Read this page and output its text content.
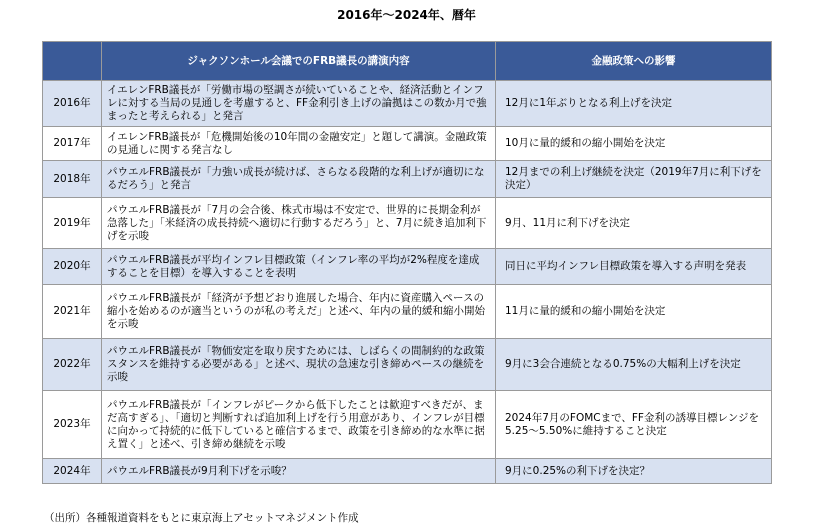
2016年～2024年、暦年
	ジャクソンホール会議でのFRB議長の講演内容	金融政策への影響
2016年	イエレンFRB議長が「労働市場の堅調さが続いていることや、経済活動とインフレに対する当局の見通しを考慮すると、FF金利引き上げの論拠はこの数か月で強まったと考えられる」と発言	12月に1年ぶりとなる利上げを決定
2017年	イエレンFRB議長が「危機開始後の10年間の金融安定」と題して講演。金融政策の見通しに関する発言なし	10月に量的緩和の縮小開始を決定
2018年	パウエルFRB議長が「力強い成長が続けば、さらなる段階的な利上げが適切になるだろう」と発言	12月までの利上げ継続を決定（2019年7月に利下げを決定）
2019年	パウエルFRB議長が「7月の会合後、株式市場は不安定で、世界的に長期金利が急落した」「米経済の成長持続へ適切に行動するだろう」と、7月に続き追加利下げを示唆	9月、11月に利下げを決定
2020年	パウエルFRB議長が平均インフレ目標政策（インフレ率の平均が2%程度を達成することを目標）を導入することを表明	同日に平均インフレ目標政策を導入する声明を発表
2021年	パウエルFRB議長が「経済が予想どおり進展した場合、年内に資産購入ペースの縮小を始めるのが適当というのが私の考えだ」と述べ、年内の量的緩和縮小開始を示唆	11月に量的緩和の縮小開始を決定
2022年	パウエルFRB議長が「物価安定を取り戻すためには、しばらくの間制約的な政策スタンスを維持する必要がある」と述べ、現状の急速な引き締めペースの継続を示唆	9月に3会合連続となる0.75%の大幅利上げを決定
2023年	パウエルFRB議長が「インフレがピークから低下したことは歓迎すべきだが、まだ高すぎる」、「適切と判断すれば追加利上げを行う用意があり、インフレが目標に向かって持続的に低下していると確信するまで、政策を引き締め的な水準に据え置く」と述べ、引き締め継続を示唆	2024年7月のFOMCまで、FF金利の誘導目標レンジを5.25～5.50%に維持すること決定
2024年	パウエルFRB議長が9月利下げを示唆？	9月に0.25%の利下げを決定？
（出所）各種報道資料をもとに東京海上アセットマネジメント作成
